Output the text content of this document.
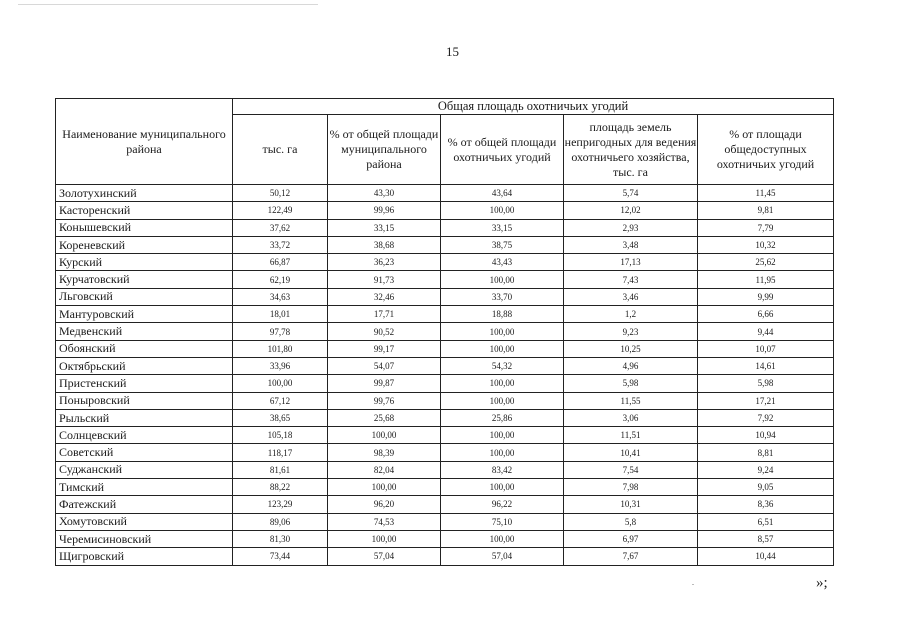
15
Наименование муниципального района	Общая площадь охотничьих угодий				
	тыс. га	% от общей площади муниципального района	% от общей площади охотничьих угодий	площадь земель непригодных для ведения охотничьего хозяйства, тыс. га	% от площади общедоступных охотничьих угодий
Золотухинский	50,12	43,30	43,64	5,74	11,45
Касторенский	122,49	99,96	100,00	12,02	9,81
Конышевский	37,62	33,15	33,15	2,93	7,79
Кореневский	33,72	38,68	38,75	3,48	10,32
Курский	66,87	36,23	43,43	17,13	25,62
Курчатовский	62,19	91,73	100,00	7,43	11,95
Льговский	34,63	32,46	33,70	3,46	9,99
Мантуровский	18,01	17,71	18,88	1,2	6,66
Медвенский	97,78	90,52	100,00	9,23	9,44
Обоянский	101,80	99,17	100,00	10,25	10,07
Октябрьский	33,96	54,07	54,32	4,96	14,61
Пристенский	100,00	99,87	100,00	5,98	5,98
Поныровский	67,12	99,76	100,00	11,55	17,21
Рыльский	38,65	25,68	25,86	3,06	7,92
Солнцевский	105,18	100,00	100,00	11,51	10,94
Советский	118,17	98,39	100,00	10,41	8,81
Суджанский	81,61	82,04	83,42	7,54	9,24
Тимский	88,22	100,00	100,00	7,98	9,05
Фатежский	123,29	96,20	96,22	10,31	8,36
Хомутовский	89,06	74,53	75,10	5,8	6,51
Черемисиновский	81,30	100,00	100,00	6,97	8,57
Щигровский	73,44	57,04	57,04	7,67	10,44
»;
